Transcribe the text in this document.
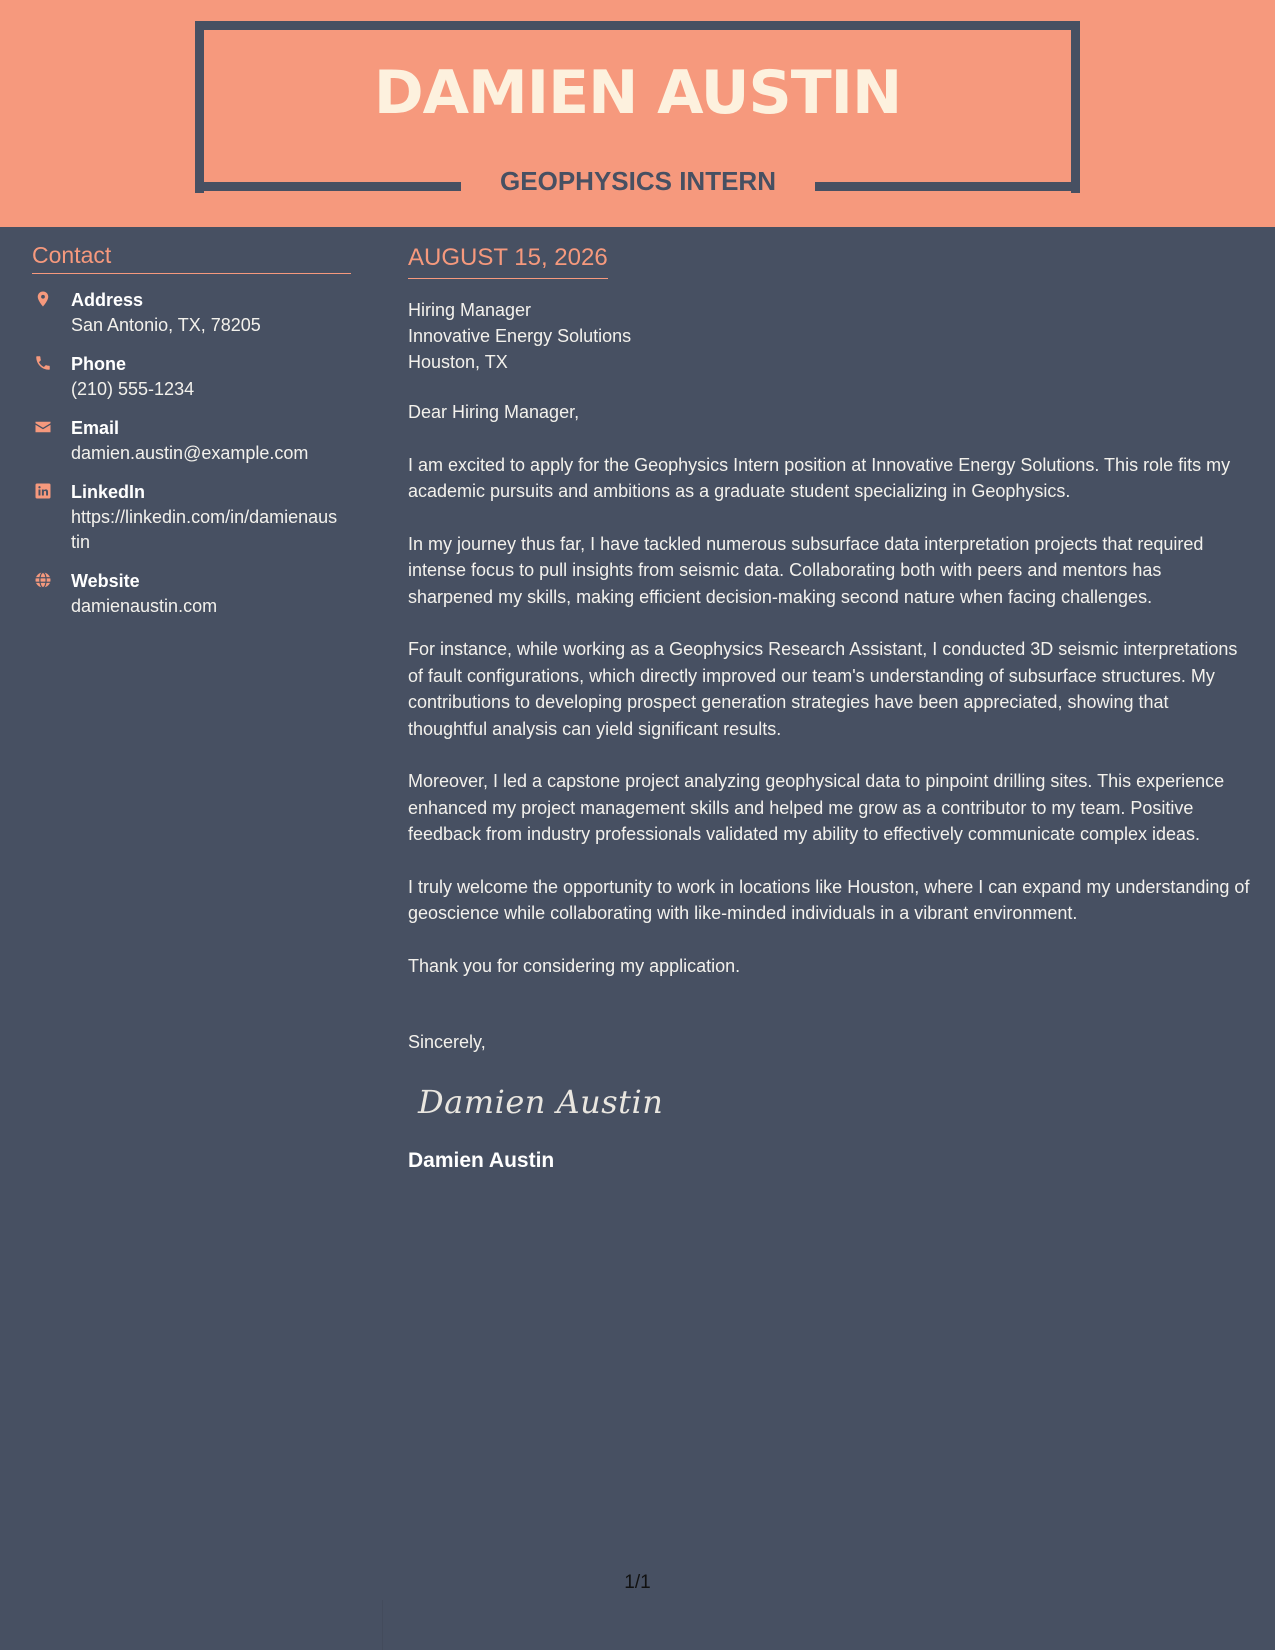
DAMIEN AUSTIN
GEOPHYSICS INTERN
Contact
Address
San Antonio, TX, 78205
Phone
(210) 555-1234
Email
damien.austin@example.com
LinkedIn
https://linkedin.com/in/damienaustin
Website
damienaustin.com
AUGUST 15, 2026
Hiring Manager
Innovative Energy Solutions
Houston, TX

Dear Hiring Manager,

I am excited to apply for the Geophysics Intern position at Innovative Energy Solutions. This role fits my academic pursuits and ambitions as a graduate student specializing in Geophysics.

In my journey thus far, I have tackled numerous subsurface data interpretation projects that required intense focus to pull insights from seismic data. Collaborating both with peers and mentors has sharpened my skills, making efficient decision-making second nature when facing challenges.

For instance, while working as a Geophysics Research Assistant, I conducted 3D seismic interpretations of fault configurations, which directly improved our team's understanding of subsurface structures. My contributions to developing prospect generation strategies have been appreciated, showing that thoughtful analysis can yield significant results.

Moreover, I led a capstone project analyzing geophysical data to pinpoint drilling sites. This experience enhanced my project management skills and helped me grow as a contributor to my team. Positive feedback from industry professionals validated my ability to effectively communicate complex ideas.

I truly welcome the opportunity to work in locations like Houston, where I can expand my understanding of geoscience while collaborating with like-minded individuals in a vibrant environment.

Thank you for considering my application.

Sincerely,
Damien Austin
Damien Austin
1/1
